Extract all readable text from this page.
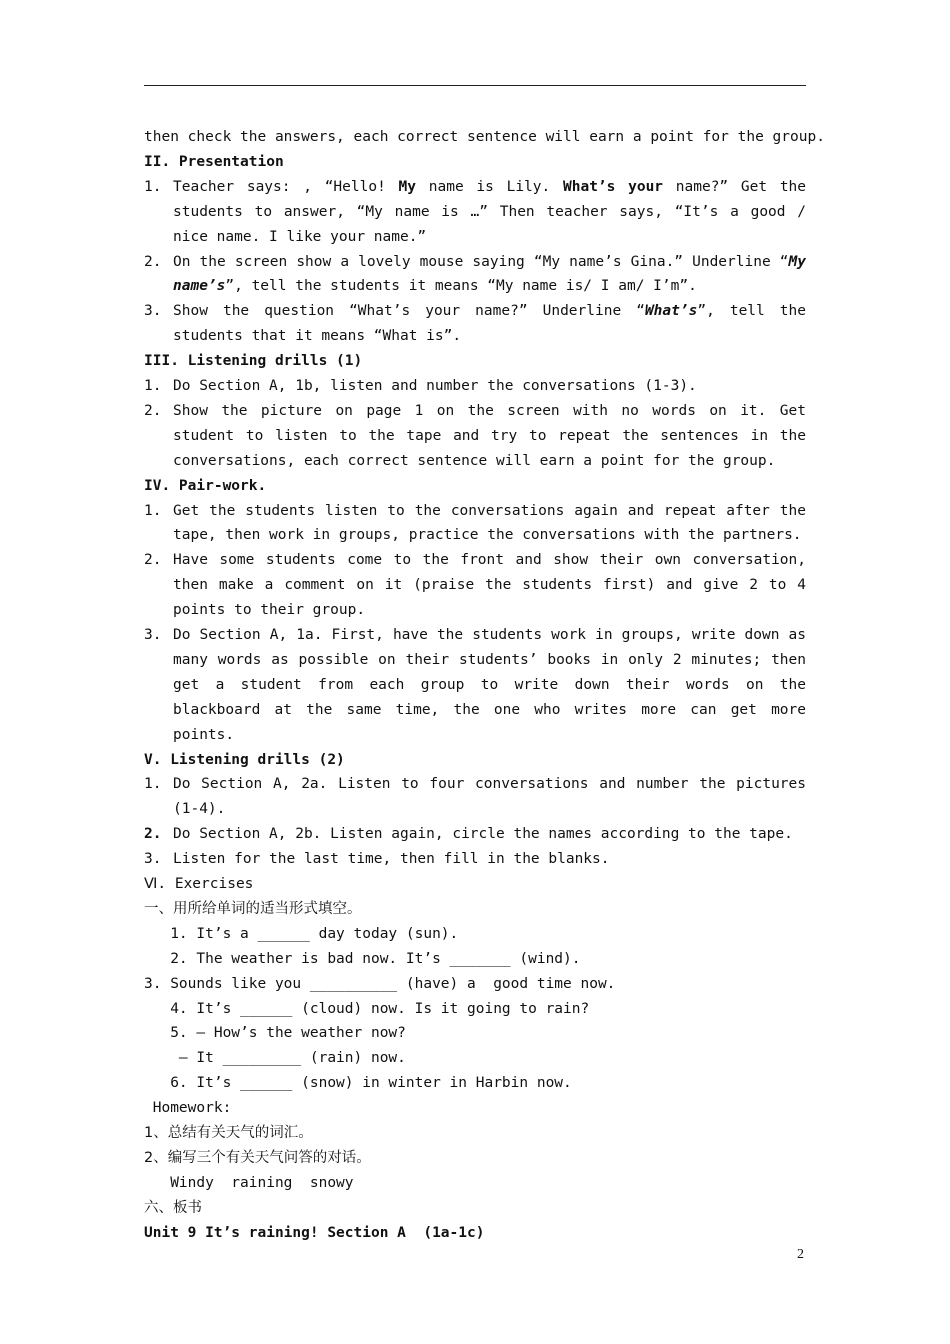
then check the answers, each correct sentence will earn a point for the group.
II. Presentation
1. Teacher says: , “Hello! My name is Lily. What’s your name?” Get the students to answer, “My name is …” Then teacher says, “It’s a good / nice name. I like your name.”
2. On the screen show a lovely mouse saying “My name’s Gina.” Underline “My name’s”, tell the students it means “My name is/ I am/ I’m”.
3. Show the question “What’s your name?” Underline “What’s”, tell the students that it means “What is”.
III. Listening drills (1)
1. Do Section A, 1b, listen and number the conversations (1-3).
2. Show the picture on page 1 on the screen with no words on it. Get student to listen to the tape and try to repeat the sentences in the conversations, each correct sentence will earn a point for the group.
IV. Pair-work.
1. Get the students listen to the conversations again and repeat after the tape, then work in groups, practice the conversations with the partners.
2. Have some students come to the front and show their own conversation, then make a comment on it (praise the students first) and give 2 to 4 points to their group.
3. Do Section A, 1a. First, have the students work in groups, write down as many words as possible on their students’ books in only 2 minutes; then get a student from each group to write down their words on the blackboard at the same time, the one who writes more can get more points.
V. Listening drills (2)
1. Do Section A, 2a. Listen to four conversations and number the pictures (1-4).
2. Do Section A, 2b. Listen again, circle the names according to the tape.
3. Listen for the last time, then fill in the blanks.
Ⅵ. Exercises
一、用所给单词的适当形式填空。
1. It’s a ______ day today (sun).
2. The weather is bad now. It’s _______ (wind).
3. Sounds like you __________ (have) a  good time now.
4. It’s ______ (cloud) now. Is it going to rain?
5. — How’s the weather now?
— It _________ (rain) now.
6. It’s ______ (snow) in winter in Harbin now.
Homework:
1、总结有关天气的词汇。
2、编写三个有关天气问答的对话。
Windy  raining  snowy
六、板书
Unit 9 It’s raining! Section A  (1a-1c)
2
